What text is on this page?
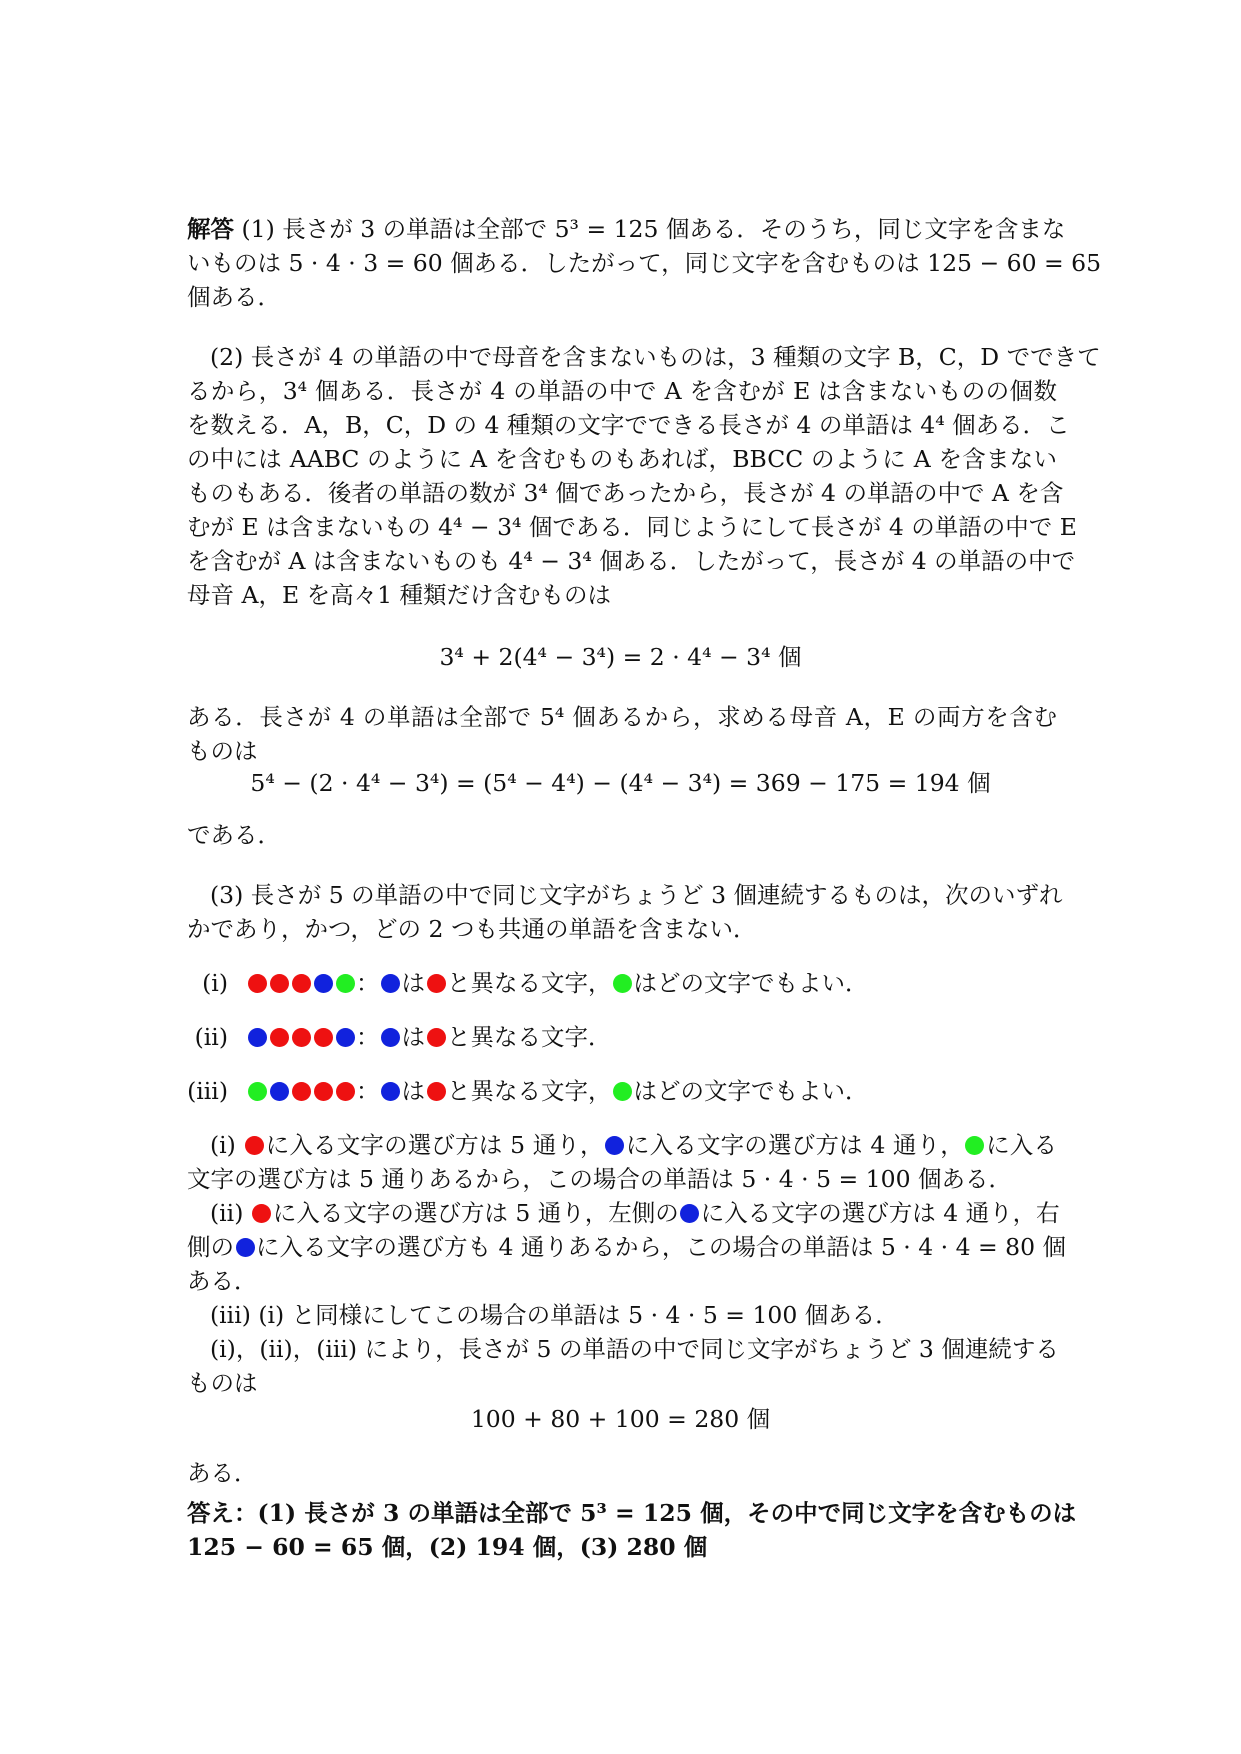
解答 (1) 長さが 3 の単語は全部で 5³ = 125 個ある．そのうち，同じ文字を含まな
いものは 5 · 4 · 3 = 60 個ある．したがって，同じ文字を含むものは 125 − 60 = 65
個ある．
(2) 長さが 4 の単語の中で母音を含まないものは，3 種類の文字 B，C，D でできて
るから，3⁴ 個ある．長さが 4 の単語の中で A を含むが E は含まないものの個数
を数える．A，B，C，D の 4 種類の文字でできる長さが 4 の単語は 4⁴ 個ある．こ
の中には AABC のように A を含むものもあれば，BBCC のように A を含まない
ものもある．後者の単語の数が 3⁴ 個であったから，長さが 4 の単語の中で A を含
むが E は含まないもの 4⁴ − 3⁴ 個である．同じようにして長さが 4 の単語の中で E
を含むが A は含まないものも 4⁴ − 3⁴ 個ある．したがって，長さが 4 の単語の中で
母音 A，E を高々1 種類だけ含むものは
3⁴ + 2(4⁴ − 3⁴) = 2 · 4⁴ − 3⁴ 個
ある．長さが 4 の単語は全部で 5⁴ 個あるから，求める母音 A，E の両方を含む
ものは
5⁴ − (2 · 4⁴ − 3⁴) = (5⁴ − 4⁴) − (4⁴ − 3⁴) = 369 − 175 = 194 個
である．
(3) 長さが 5 の単語の中で同じ文字がちょうど 3 個連続するものは，次のいずれ
かであり，かつ，どの 2 つも共通の単語を含まない．
(i)	： は と異なる文字， はどの文字でもよい．
(ii)	： は と異なる文字．
(iii)	： は と異なる文字， はどの文字でもよい．
(i) に入る文字の選び方は 5 通り， に入る文字の選び方は 4 通り， に入る
文字の選び方は 5 通りあるから，この場合の単語は 5 · 4 · 5 = 100 個ある．
(ii) に入る文字の選び方は 5 通り，左側の に入る文字の選び方は 4 通り，右
側の に入る文字の選び方も 4 通りあるから，この場合の単語は 5 · 4 · 4 = 80 個
ある．
(iii) (i) と同様にしてこの場合の単語は 5 · 4 · 5 = 100 個ある．
(i)，(ii)，(iii) により，長さが 5 の単語の中で同じ文字がちょうど 3 個連続する
ものは
100 + 80 + 100 = 280 個
ある．
答え：(1) 長さが 3 の単語は全部で 5³ = 125 個，その中で同じ文字を含むものは
125 − 60 = 65 個，(2) 194 個，(3) 280 個
